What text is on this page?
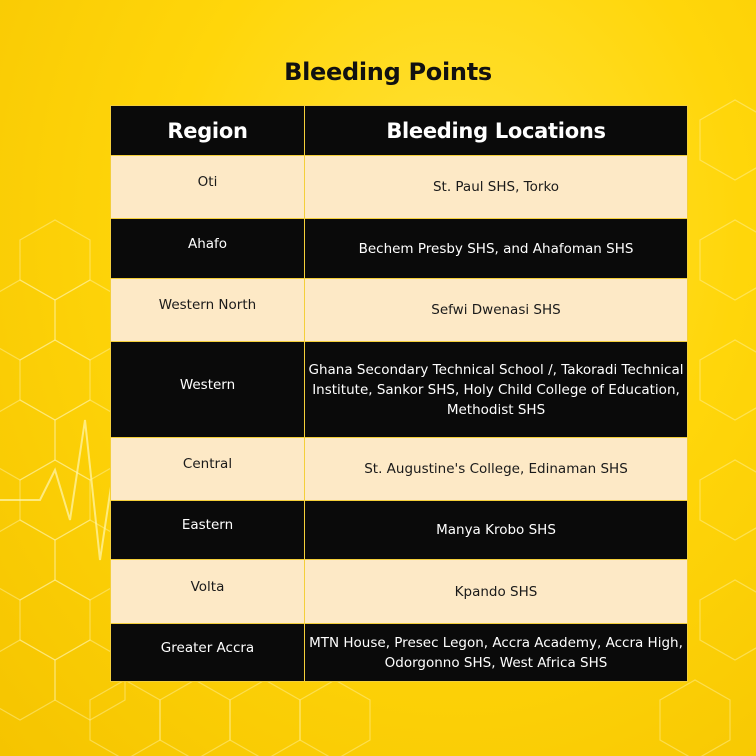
Bleeding Points
Region	Bleeding Locations
Oti	St. Paul SHS, Torko
Ahafo	Bechem Presby SHS, and Ahafoman SHS
Western North	Sefwi Dwenasi SHS
Western	Ghana Secondary Technical School /, Takoradi Technical Institute, Sankor SHS, Holy Child College of Education, Methodist SHS
Central	St. Augustine's College, Edinaman SHS
Eastern	Manya Krobo SHS
Volta	Kpando SHS
Greater Accra	MTN House, Presec Legon, Accra Academy, Accra High, Odorgonno SHS, West Africa SHS
